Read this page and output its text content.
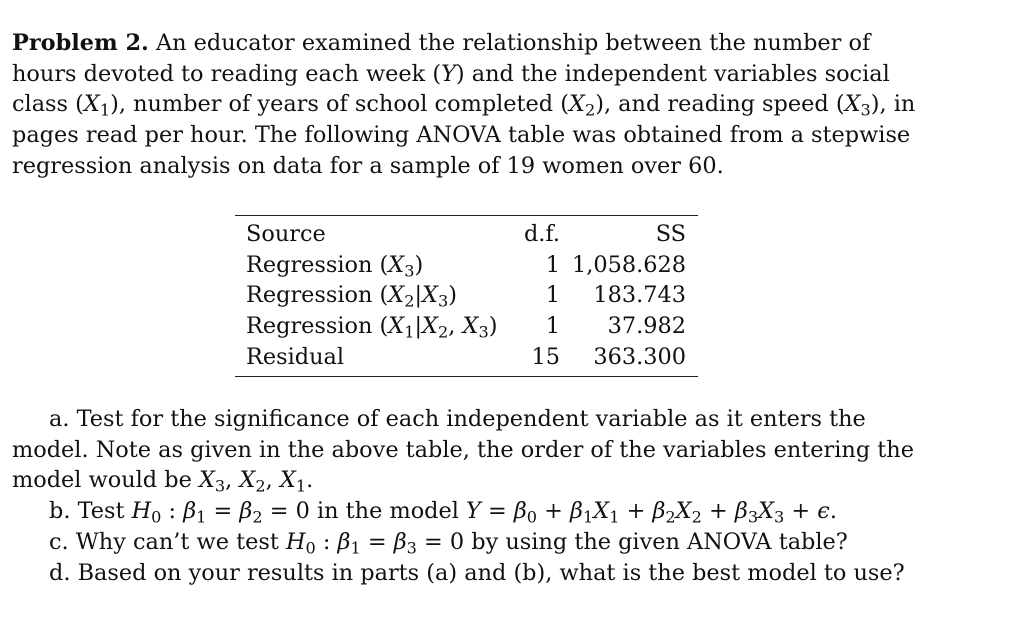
Problem 2. An educator examined the relationship between the number of hours devoted to reading each week (Y) and the independent variables social class $(X_1)$, number of years of school completed $(X_2)$, and reading speed $(X_3)$, in pages read per hour. The following ANOVA table was obtained from a stepwise regression analysis on data for a sample of 19 women over 60.
Source	d.f.	SS
Regression $(X_3)$	1 1,058.628
Regression $(X_2|X_3)$	1 183.743
Regression ($X_1|X_2$, $X_3$) 1 37.982
Residual	15 363.300

a. Test for the significance of each independent variable as it enters the model. Note as given in the above table, the order of the variables entering the model would be $X_3$, $X_2$, $X_1$.

b. Test $H_0$ : $\beta_1 = \beta_2 = 0$ in the model $Y = \beta_0 + \beta_1X_1 + \beta_2X_2 + \beta_3X_3 + \epsilon$.

c. Why can’t we test $H_0$ : $\beta_1 = \beta_3 = 0$ by using the given ANOVA table?

d. Based on your results in parts (a) and (b), what is the best model to use?
